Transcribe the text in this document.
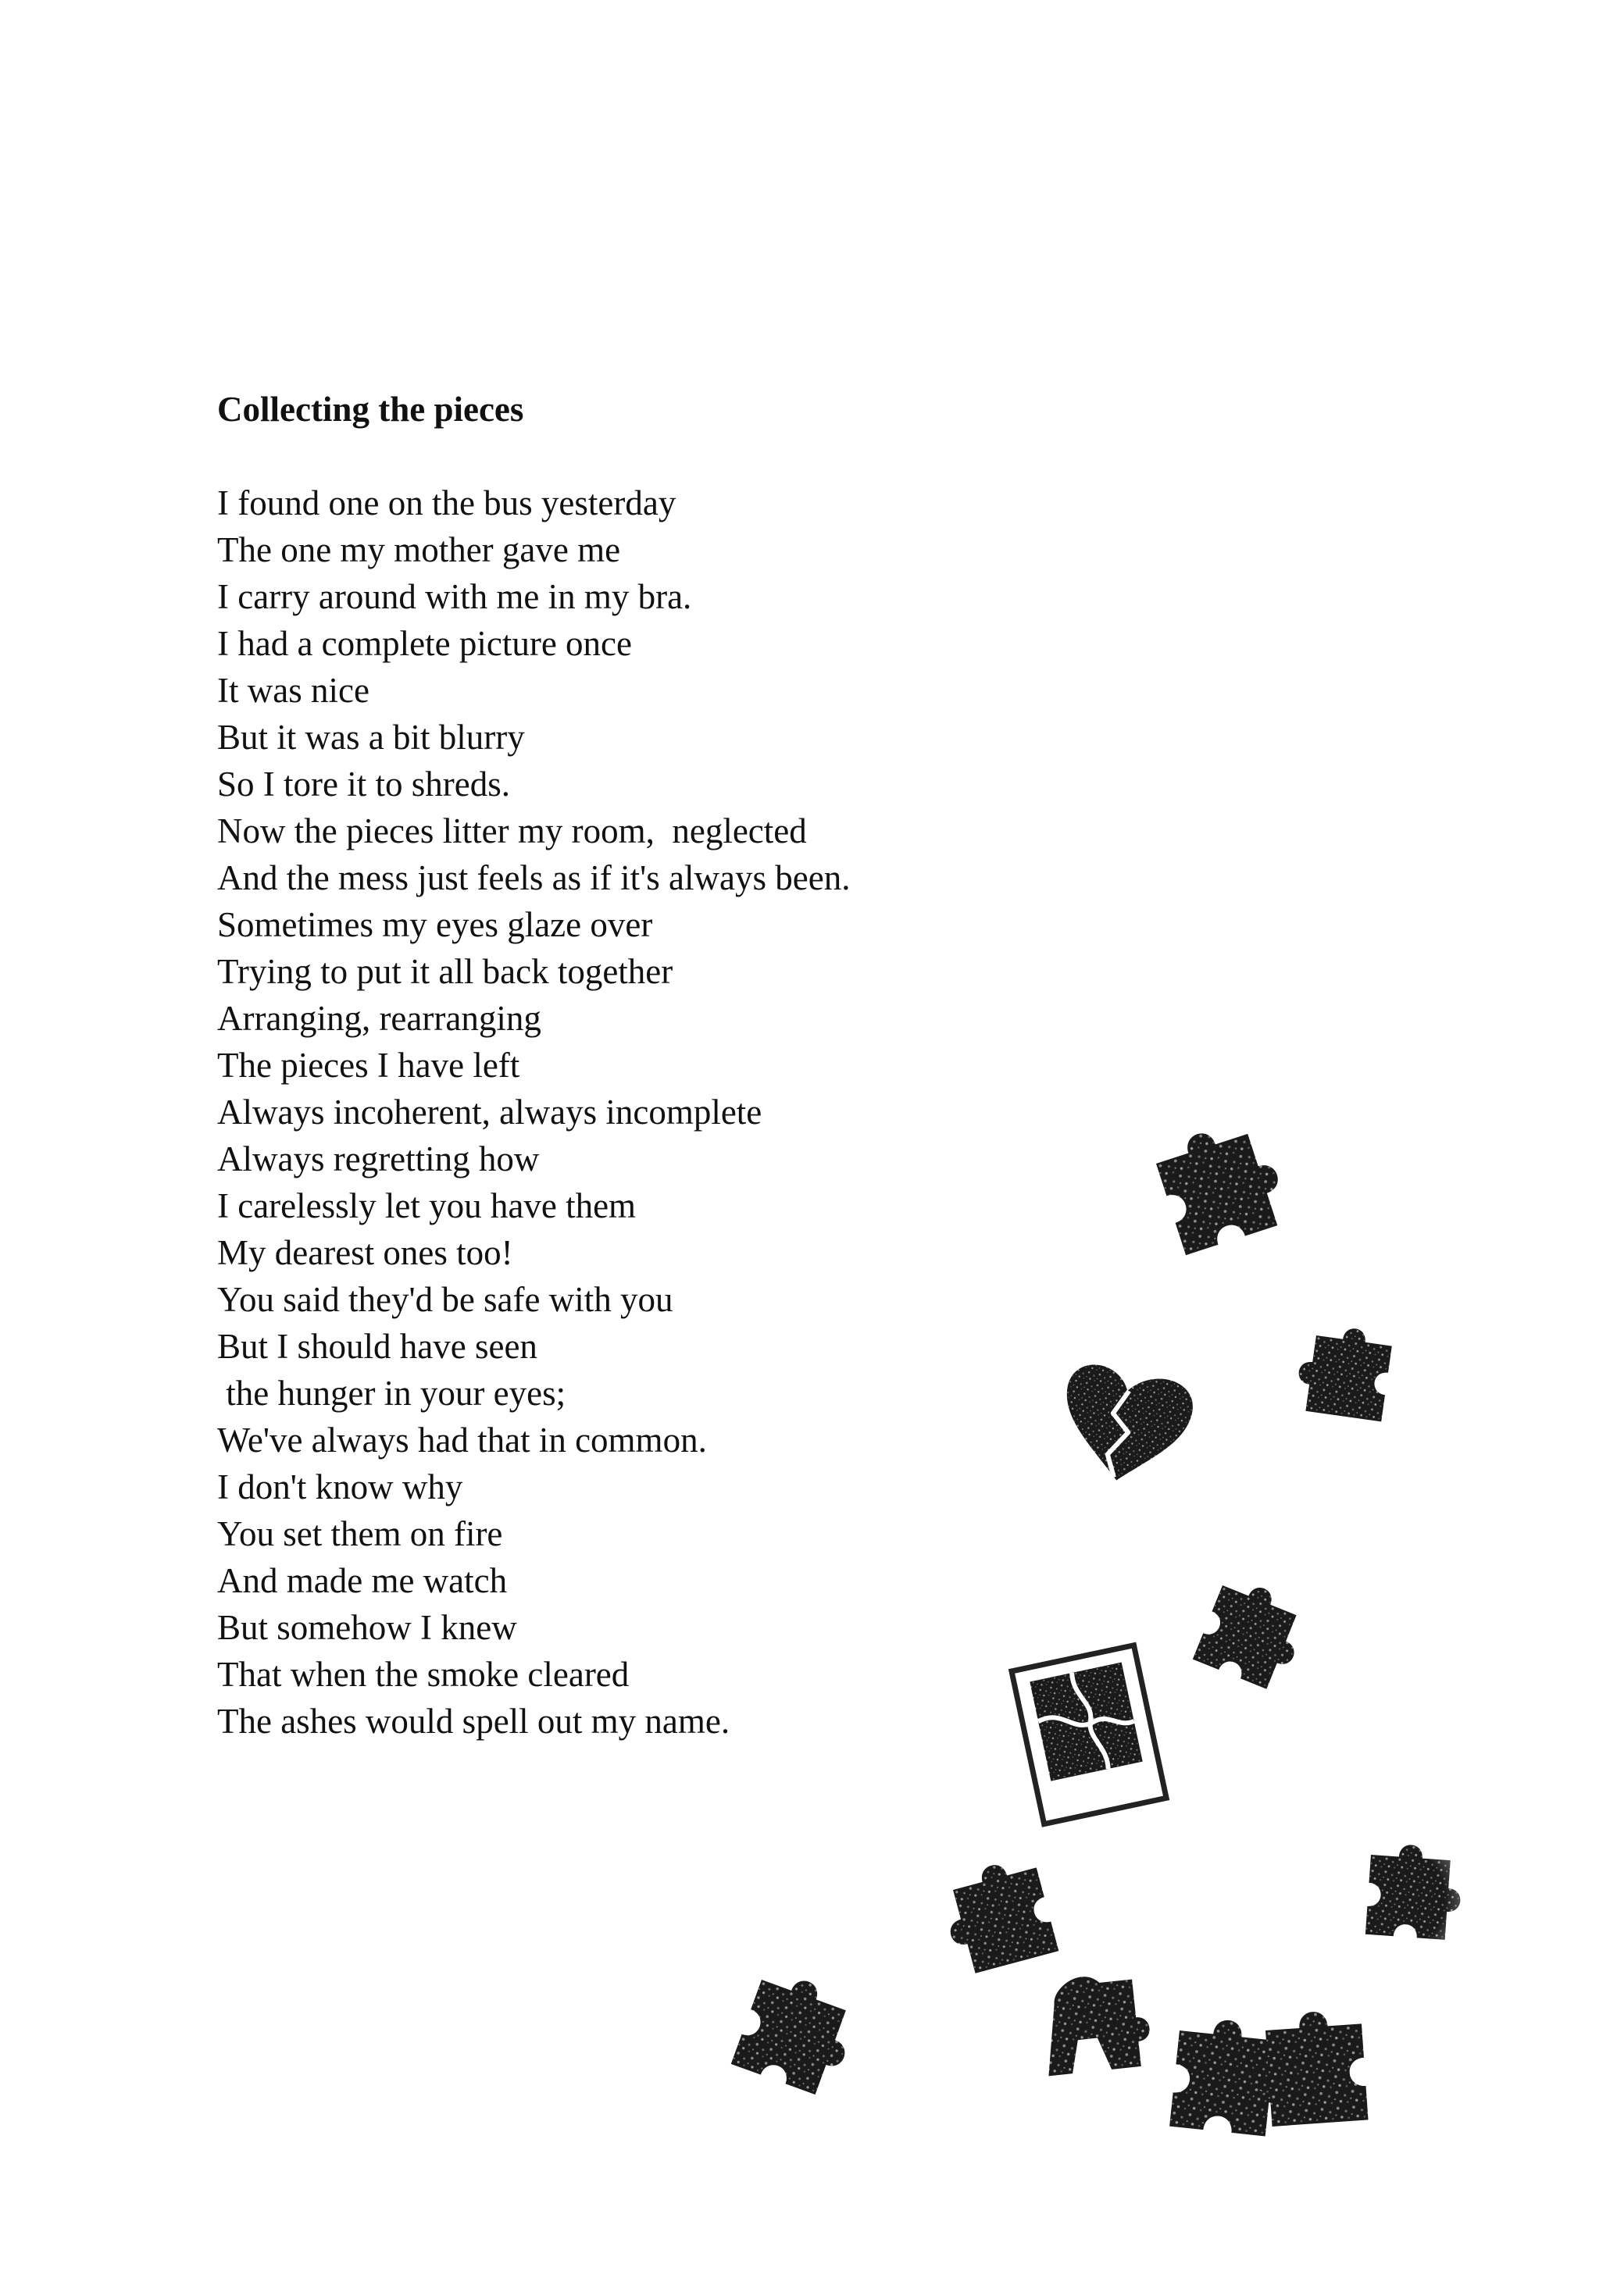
Collecting the pieces
I found one on the bus yesterday
The one my mother gave me
I carry around with me in my bra.
I had a complete picture once
It was nice
But it was a bit blurry
So I tore it to shreds.
Now the pieces litter my room,  neglected
And the mess just feels as if it's always been.
Sometimes my eyes glaze over
Trying to put it all back together
Arranging, rearranging
The pieces I have left
Always incoherent, always incomplete
Always regretting how
I carelessly let you have them
My dearest ones too!
You said they'd be safe with you
But I should have seen
the hunger in your eyes;
We've always had that in common.
I don't know why
You set them on fire
And made me watch
But somehow I knew
That when the smoke cleared
The ashes would spell out my name.
